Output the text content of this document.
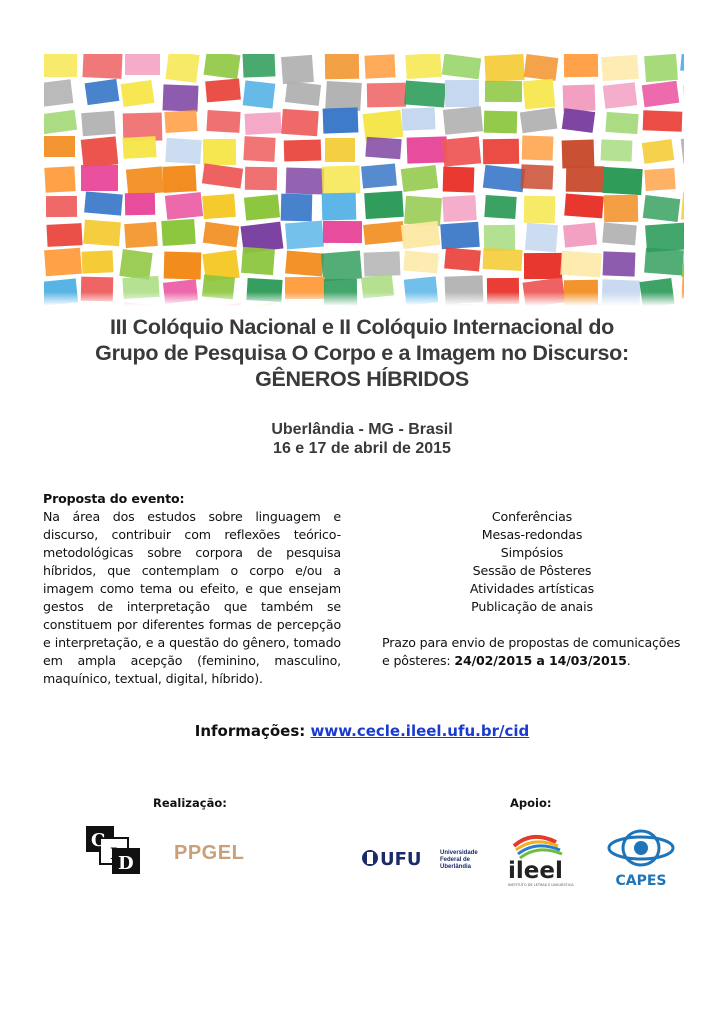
III Colóquio Nacional e II Colóquio Internacional do
Grupo de Pesquisa O Corpo e a Imagem no Discurso:
GÊNEROS HÍBRIDOS
Uberlândia - MG - Brasil
16 e 17 de abril de 2015
Proposta do evento:
Na área dos estudos sobre linguagem e discurso, contribuir com reflexões teórico-metodológicas sobre corpora de pesquisa híbridos, que contemplam o corpo e/ou a imagem como tema ou efeito, e que ensejam gestos de interpretação que também se constituem por diferentes formas de percepção e interpretação, e a questão do gênero, tomado em ampla acepção (feminino, masculino, maquínico, textual, digital, híbrido).
Conferências
Mesas-redondas
Simpósios
Sessão de Pôsteres
Atividades artísticas
Publicação de anais
Prazo para envio de propostas de comunicações e pôsteres: 24/02/2015 a 14/03/2015.
Informações: www.cecle.ileel.ufu.br/cid
Realização:	Apoio:
C
I D PPGEL	UFU	Universidade
Federal de
Uberlândia ileel
INSTITUTO DE LETRAS E LINGUÍSTICA	CAPES
